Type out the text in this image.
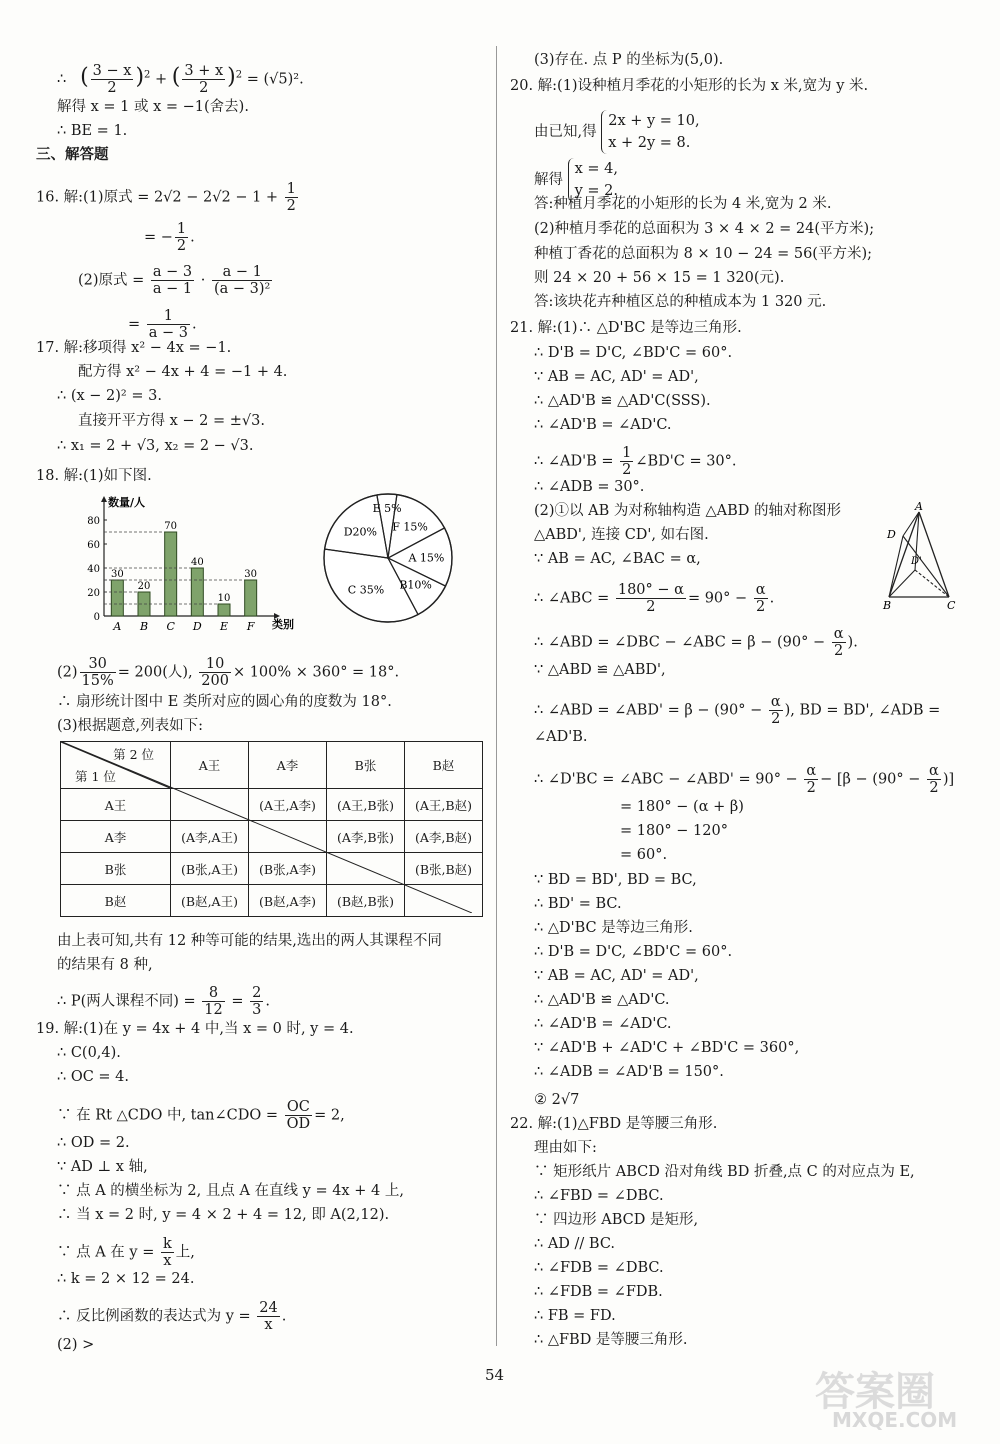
∴ ( $\frac{3 - x}{2} )^2$ + ( $\frac{3 + x}{2} )^2 = (√5)^2$.
解得 x = 1 或 x = −1(舍去).
∴ BE = 1.
三、解答题
16. 解:(1)原式 = $2√2 - 2√2 - 1 + \frac{1}{2}$
= − $\frac{1}{2}$ .
(2)原式 = $\frac{a - 3}{a - 1} \cdot \frac{a - 1}{\text{(a − 3)²}}$
= $\frac{1}{a - 3}$ .
17. 解:移项得 x² − 4x = −1.
配方得 x² − 4x + 4 = −1 + 4.
∴ (x − 2)² = 3.
直接开平方得 x − 2 = ±√3.
∴ x₁ = 2 + √3, x₂ = 2 − √3.
18. 解:(1)如下图.
数量/人
类别
0
20
40
60
80
30
A
20
B
70
C
40
D
10
E
30
F
E 5%
F 15%
A 15%
B10%
C 35%
D20%
$(2) \frac{30}{15\%} = 200$(人), $\frac{10}{200} \times 100\% \times 360^\circ = 18^\circ$.
∴ 扇形统计图中 E 类所对应的圆心角的度数为 18°.
(3)根据题意,列表如下:
第 2 位
第 1 位	A王	A李	B张	B赵
A王		(A王,A李)	(A王,B张)	(A王,B赵)
A李	(A李,A王)		(A李,B张)	(A李,B赵)
B张	(B张,A王)	(B张,A李)		(B张,B赵)
B赵	(B赵,A王)	(B赵,A李)	(B赵,B张)	
由上表可知,共有 12 种等可能的结果,选出的两人其课程不同
的结果有 8 种,
∴ P(两人课程不同) = $\frac{8}{12} = \frac{2}{3}$ .
19. 解:(1)在 y = 4x + 4 中,当 x = 0 时, y = 4.
∴ C(0,4).
∴ OC = 4.
∵ 在 Rt △CDO 中, tan∠CDO = $\frac{OC}{OD} = 2$,
∴ OD = 2.
∵ AD ⊥ x 轴,
∵ 点 A 的横坐标为 2, 且点 A 在直线 y = 4x + 4 上,
∴ 当 x = 2 时, y = 4 × 2 + 4 = 12, 即 A(2,12).
∵ 点 A 在 $y = \frac{k}{x}$ 上,
∴ k = 2 × 12 = 24.
∴ 反比例函数的表达式为 $y = \frac{24}{x}$ .
(2) >
(3)存在. 点 P 的坐标为(5,0).
20. 解:(1)设种植月季花的小矩形的长为 x 米,宽为 y 米.
由已知,得 2x + y = 10,
x + 2y = 8.
解得 x = 4,
y = 2.
答:种植月季花的小矩形的长为 4 米,宽为 2 米.
(2)种植月季花的总面积为 3 × 4 × 2 = 24(平方米);
种植丁香花的总面积为 8 × 10 − 24 = 56(平方米);
则 24 × 20 + 56 × 15 = 1 320(元).
答:该块花卉种植区总的种植成本为 1 320 元.
21. 解:(1)∴ △D'BC 是等边三角形.
∴ D'B = D'C, ∠BD'C = 60°.
∵ AB = AC, AD' = AD',
∴ △AD'B ≌ △AD'C(SSS).
∴ ∠AD'B = ∠AD'C.
∴ ∠AD'B = $\frac{1}{2}$ ∠BD'C = 30°.
∴ ∠ADB = 30°.
(2)①以 AB 为对称轴构造 △ABD 的轴对称图形
△ABD', 连接 CD', 如右图.
∵ AB = AC, ∠BAC = α,
∴ ∠ABC = $\frac{180^\circ - \alpha}{2} = 90^\circ - \frac{\alpha}{2}$ .
A
D
D'
B	C
∴ ∠ABD = ∠DBC − ∠ABC = $\beta - (90^\circ - \frac{\alpha}{2}$ ).
∵ △ABD ≌ △ABD',
∴ ∠ABD = ∠ABD' = $\beta - (90^\circ - \frac{\alpha}{2}$ ), BD = BD', ∠ADB =
∠AD'B.
∴ ∠D'BC = ∠ABC − ∠ABD' = $90^\circ - \frac{\alpha}{2} - [\beta - (90^\circ - \frac{\alpha}{2}$ )]
= 180° − (α + β)
= 180° − 120°
= 60°.
∵ BD = BD', BD = BC,
∴ BD' = BC.
∴ △D'BC 是等边三角形.
∴ D'B = D'C, ∠BD'C = 60°.
∵ AB = AC, AD' = AD',
∴ △AD'B ≌ △AD'C.
∴ ∠AD'B = ∠AD'C.
∵ ∠AD'B + ∠AD'C + ∠BD'C = 360°,
∴ ∠ADB = ∠AD'B = 150°.
② 2√7
22. 解:(1)△FBD 是等腰三角形.
理由如下:
∵ 矩形纸片 ABCD 沿对角线 BD 折叠,点 C 的对应点为 E,
∴ ∠FBD = ∠DBC.
∵ 四边形 ABCD 是矩形,
∴ AD // BC.
∴ ∠FDB = ∠DBC.
∴ ∠FDB = ∠FDB.
∴ FB = FD.
∴ △FBD 是等腰三角形.
54	答案圈
MXQE.COM
